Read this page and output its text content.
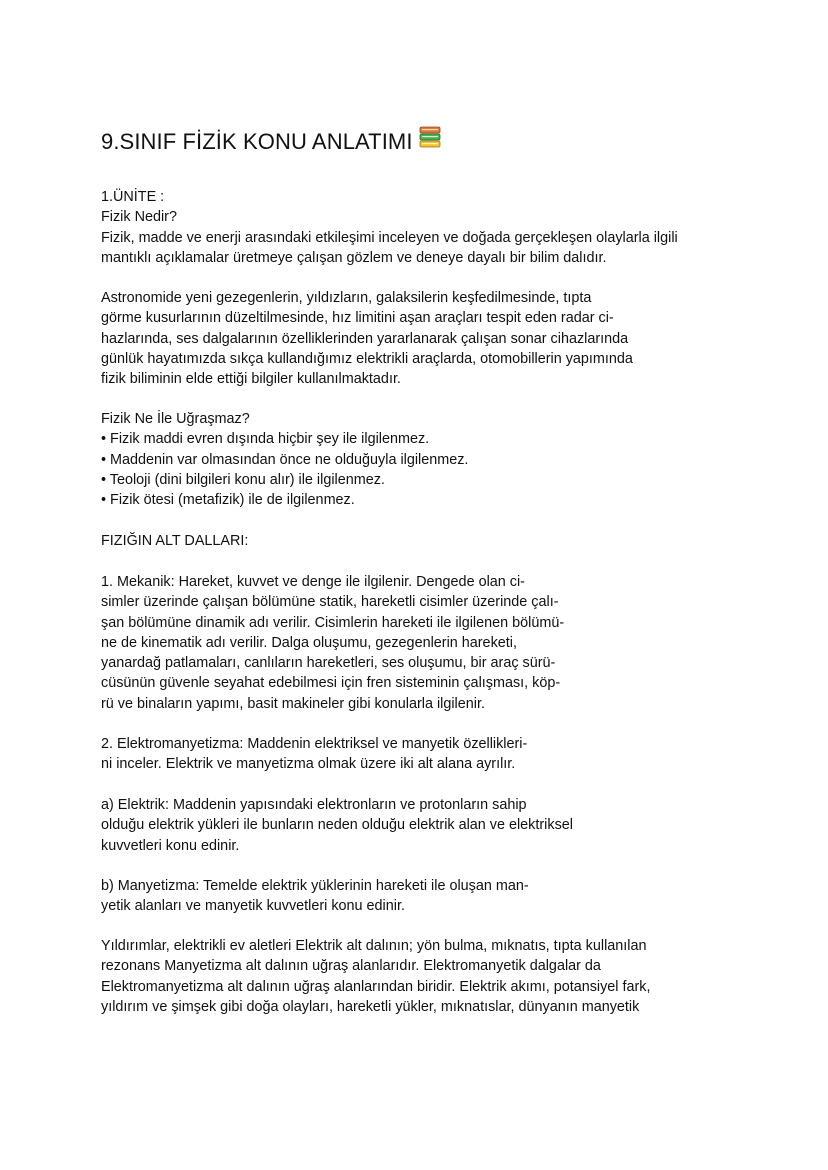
9.SINIF FİZİK KONU ANLATIMI
1.ÜNİTE :
Fizik Nedir?
Fizik, madde ve enerji arasındaki etkileşimi inceleyen ve doğada gerçekleşen olaylarla ilgili
mantıklı açıklamalar üretmeye çalışan gözlem ve deneye dayalı bir bilim dalıdır.
Astronomide yeni gezegenlerin, yıldızların, galaksilerin keşfedilmesinde, tıpta
görme kusurlarının düzeltilmesinde, hız limitini aşan araçları tespit eden radar ci-
hazlarında, ses dalgalarının özelliklerinden yararlanarak çalışan sonar cihazlarında
günlük hayatımızda sıkça kullandığımız elektrikli araçlarda, otomobillerin yapımında
fizik biliminin elde ettiği bilgiler kullanılmaktadır.
Fizik Ne İle Uğraşmaz?
• Fizik maddi evren dışında hiçbir şey ile ilgilenmez.
• Maddenin var olmasından önce ne olduğuyla ilgilenmez.
• Teoloji (dini bilgileri konu alır) ile ilgilenmez.
• Fizik ötesi (metafizik) ile de ilgilenmez.
FIZIĞIN ALT DALLARI:
1. Mekanik: Hareket, kuvvet ve denge ile ilgilenir. Dengede olan ci-
simler üzerinde çalışan bölümüne statik, hareketli cisimler üzerinde çalı-
şan bölümüne dinamik adı verilir. Cisimlerin hareketi ile ilgilenen bölümü-
ne de kinematik adı verilir. Dalga oluşumu, gezegenlerin hareketi,
yanardağ patlamaları, canlıların hareketleri, ses oluşumu, bir araç sürü-
cüsünün güvenle seyahat edebilmesi için fren sisteminin çalışması, köp-
rü ve binaların yapımı, basit makineler gibi konularla ilgilenir.
2. Elektromanyetizma: Maddenin elektriksel ve manyetik özellikleri-
ni inceler. Elektrik ve manyetizma olmak üzere iki alt alana ayrılır.
a) Elektrik: Maddenin yapısındaki elektronların ve protonların sahip
olduğu elektrik yükleri ile bunların neden olduğu elektrik alan ve elektriksel
kuvvetleri konu edinir.
b) Manyetizma: Temelde elektrik yüklerinin hareketi ile oluşan man-
yetik alanları ve manyetik kuvvetleri konu edinir.
Yıldırımlar, elektrikli ev aletleri Elektrik alt dalının; yön bulma, mıknatıs, tıpta kullanılan
rezonans Manyetizma alt dalının uğraş alanlarıdır. Elektromanyetik dalgalar da
Elektromanyetizma alt dalının uğraş alanlarından biridir. Elektrik akımı, potansiyel fark,
yıldırım ve şimşek gibi doğa olayları, hareketli yükler, mıknatıslar, dünyanın manyetik
